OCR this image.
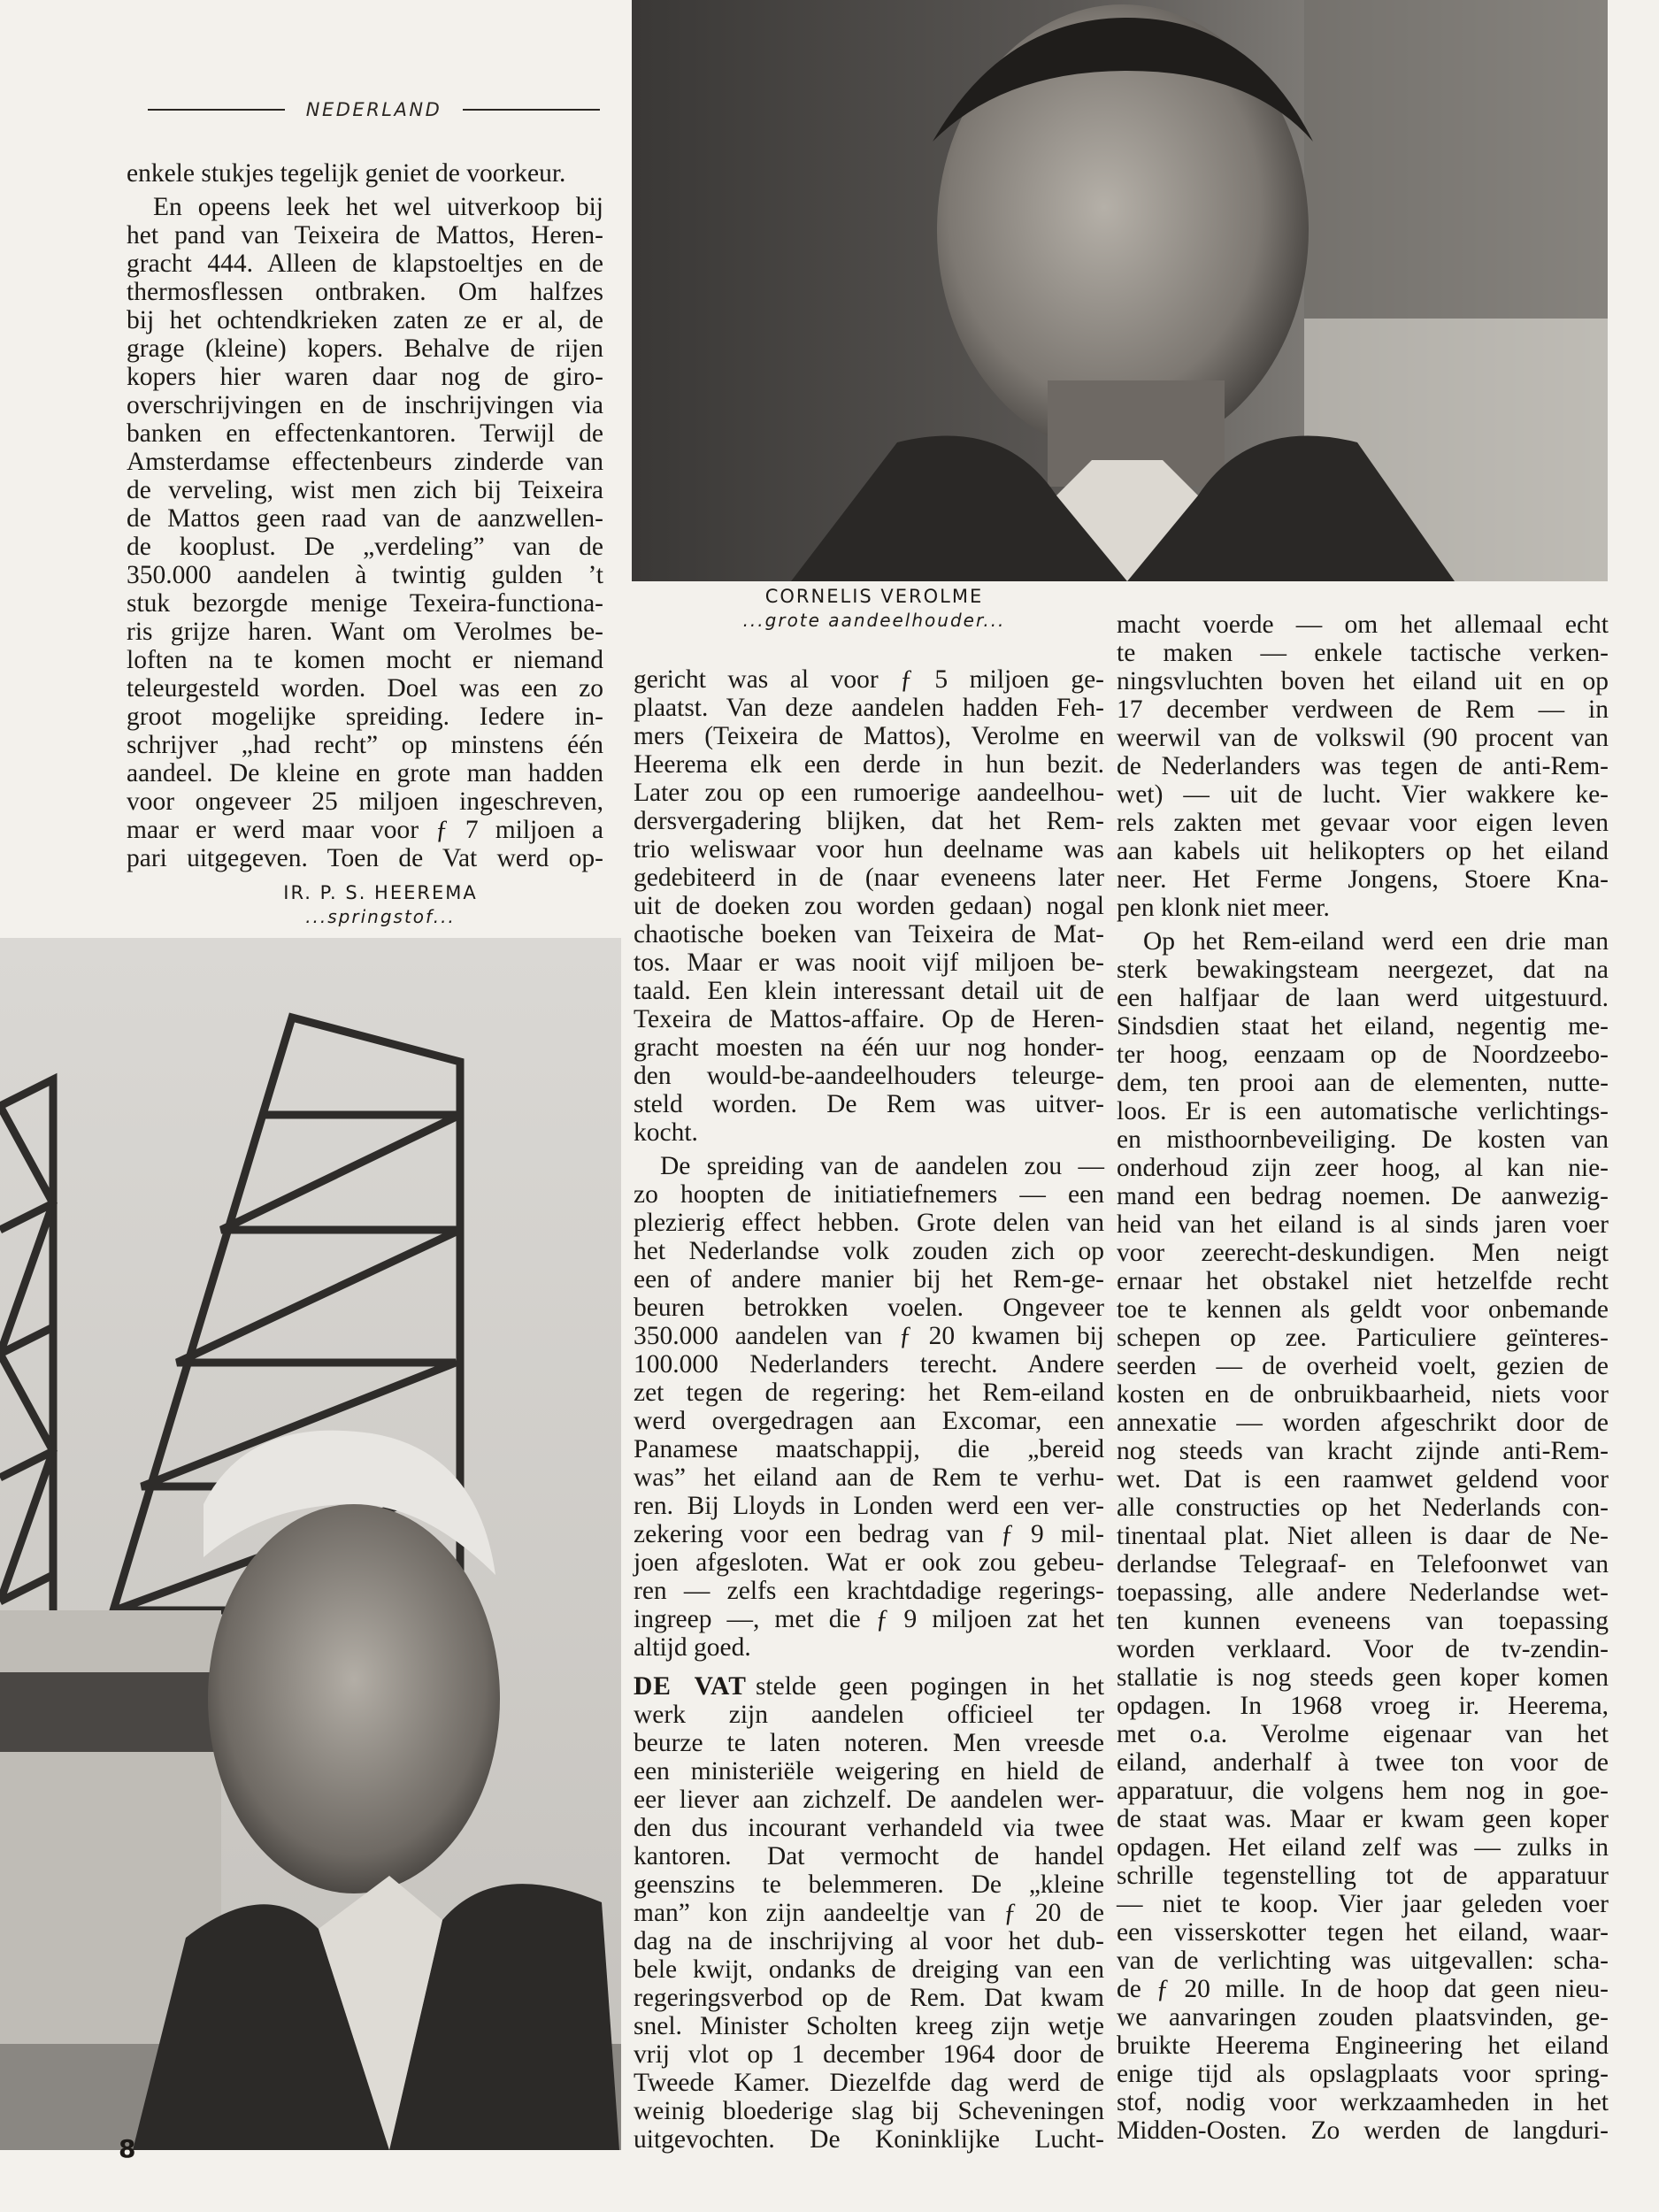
NEDERLAND
CORNELIS VEROLME
...grote aandeelhouder...
IR. P. S. HEEREMA
...springstof...
enkele stukjes tegelijk geniet de voorkeur.
En opeens leek het wel uitverkoop bij
het pand van Teixeira de Mattos, Heren-
gracht 444. Alleen de klapstoeltjes en de
thermosflessen ontbraken. Om halfzes
bij het ochtendkrieken zaten ze er al, de
grage (kleine) kopers. Behalve de rijen
kopers hier waren daar nog de giro-
overschrijvingen en de inschrijvingen via
banken en effectenkantoren. Terwijl de
Amsterdamse effectenbeurs zinderde van
de verveling, wist men zich bij Teixeira
de Mattos geen raad van de aanzwellen-
de kooplust. De „verdeling” van de
350.000 aandelen à twintig gulden ’t
stuk bezorgde menige Texeira-functiona-
ris grijze haren. Want om Verolmes be-
loften na te komen mocht er niemand
teleurgesteld worden. Doel was een zo
groot mogelijke spreiding. Iedere in-
schrijver „had recht” op minstens één
aandeel. De kleine en grote man hadden
voor ongeveer 25 miljoen ingeschreven,
maar er werd maar voor ƒ 7 miljoen a
pari uitgegeven. Toen de Vat werd op-
gericht was al voor ƒ 5 miljoen ge-
plaatst. Van deze aandelen hadden Feh-
mers (Teixeira de Mattos), Verolme en
Heerema elk een derde in hun bezit.
Later zou op een rumoerige aandeelhou-
dersvergadering blijken, dat het Rem-
trio weliswaar voor hun deelname was
gedebiteerd in de (naar eveneens later
uit de doeken zou worden gedaan) nogal
chaotische boeken van Teixeira de Mat-
tos. Maar er was nooit vijf miljoen be-
taald. Een klein interessant detail uit de
Texeira de Mattos-affaire. Op de Heren-
gracht moesten na één uur nog honder-
den would-be-aandeelhouders teleurge-
steld worden. De Rem was uitver-
kocht.
De spreiding van de aandelen zou —
zo hoopten de initiatiefnemers — een
plezierig effect hebben. Grote delen van
het Nederlandse volk zouden zich op
een of andere manier bij het Rem-ge-
beuren betrokken voelen. Ongeveer
350.000 aandelen van ƒ 20 kwamen bij
100.000 Nederlanders terecht. Andere
zet tegen de regering: het Rem-eiland
werd overgedragen aan Excomar, een
Panamese maatschappij, die „bereid
was” het eiland aan de Rem te verhu-
ren. Bij Lloyds in Londen werd een ver-
zekering voor een bedrag van ƒ 9 mil-
joen afgesloten. Wat er ook zou gebeu-
ren — zelfs een krachtdadige regerings-
ingreep —, met die ƒ 9 miljoen zat het
altijd goed.
DE VAT stelde geen pogingen in het
werk zijn aandelen officieel ter
beurze te laten noteren. Men vreesde
een ministeriële weigering en hield de
eer liever aan zichzelf. De aandelen wer-
den dus incourant verhandeld via twee
kantoren. Dat vermocht de handel
geenszins te belemmeren. De „kleine
man” kon zijn aandeeltje van ƒ 20 de
dag na de inschrijving al voor het dub-
bele kwijt, ondanks de dreiging van een
regeringsverbod op de Rem. Dat kwam
snel. Minister Scholten kreeg zijn wetje
vrij vlot op 1 december 1964 door de
Tweede Kamer. Diezelfde dag werd de
weinig bloederige slag bij Scheveningen
uitgevochten. De Koninklijke Lucht-
macht voerde — om het allemaal echt
te maken — enkele tactische verken-
ningsvluchten boven het eiland uit en op
17 december verdween de Rem — in
weerwil van de volkswil (90 procent van
de Nederlanders was tegen de anti-Rem-
wet) — uit de lucht. Vier wakkere ke-
rels zakten met gevaar voor eigen leven
aan kabels uit helikopters op het eiland
neer. Het Ferme Jongens, Stoere Kna-
pen klonk niet meer.
Op het Rem-eiland werd een drie man
sterk bewakingsteam neergezet, dat na
een halfjaar de laan werd uitgestuurd.
Sindsdien staat het eiland, negentig me-
ter hoog, eenzaam op de Noordzeebo-
dem, ten prooi aan de elementen, nutte-
loos. Er is een automatische verlichtings-
en misthoornbeveiliging. De kosten van
onderhoud zijn zeer hoog, al kan nie-
mand een bedrag noemen. De aanwezig-
heid van het eiland is al sinds jaren voer
voor zeerecht-deskundigen. Men neigt
ernaar het obstakel niet hetzelfde recht
toe te kennen als geldt voor onbemande
schepen op zee. Particuliere geïnteres-
seerden — de overheid voelt, gezien de
kosten en de onbruikbaarheid, niets voor
annexatie — worden afgeschrikt door de
nog steeds van kracht zijnde anti-Rem-
wet. Dat is een raamwet geldend voor
alle constructies op het Nederlands con-
tinentaal plat. Niet alleen is daar de Ne-
derlandse Telegraaf- en Telefoonwet van
toepassing, alle andere Nederlandse wet-
ten kunnen eveneens van toepassing
worden verklaard. Voor de tv-zendin-
stallatie is nog steeds geen koper komen
opdagen. In 1968 vroeg ir. Heerema,
met o.a. Verolme eigenaar van het
eiland, anderhalf à twee ton voor de
apparatuur, die volgens hem nog in goe-
de staat was. Maar er kwam geen koper
opdagen. Het eiland zelf was — zulks in
schrille tegenstelling tot de apparatuur
— niet te koop. Vier jaar geleden voer
een visserskotter tegen het eiland, waar-
van de verlichting was uitgevallen: scha-
de ƒ 20 mille. In de hoop dat geen nieu-
we aanvaringen zouden plaatsvinden, ge-
bruikte Heerema Engineering het eiland
enige tijd als opslagplaats voor spring-
stof, nodig voor werkzaamheden in het
Midden-Oosten. Zo werden de langduri-
8
